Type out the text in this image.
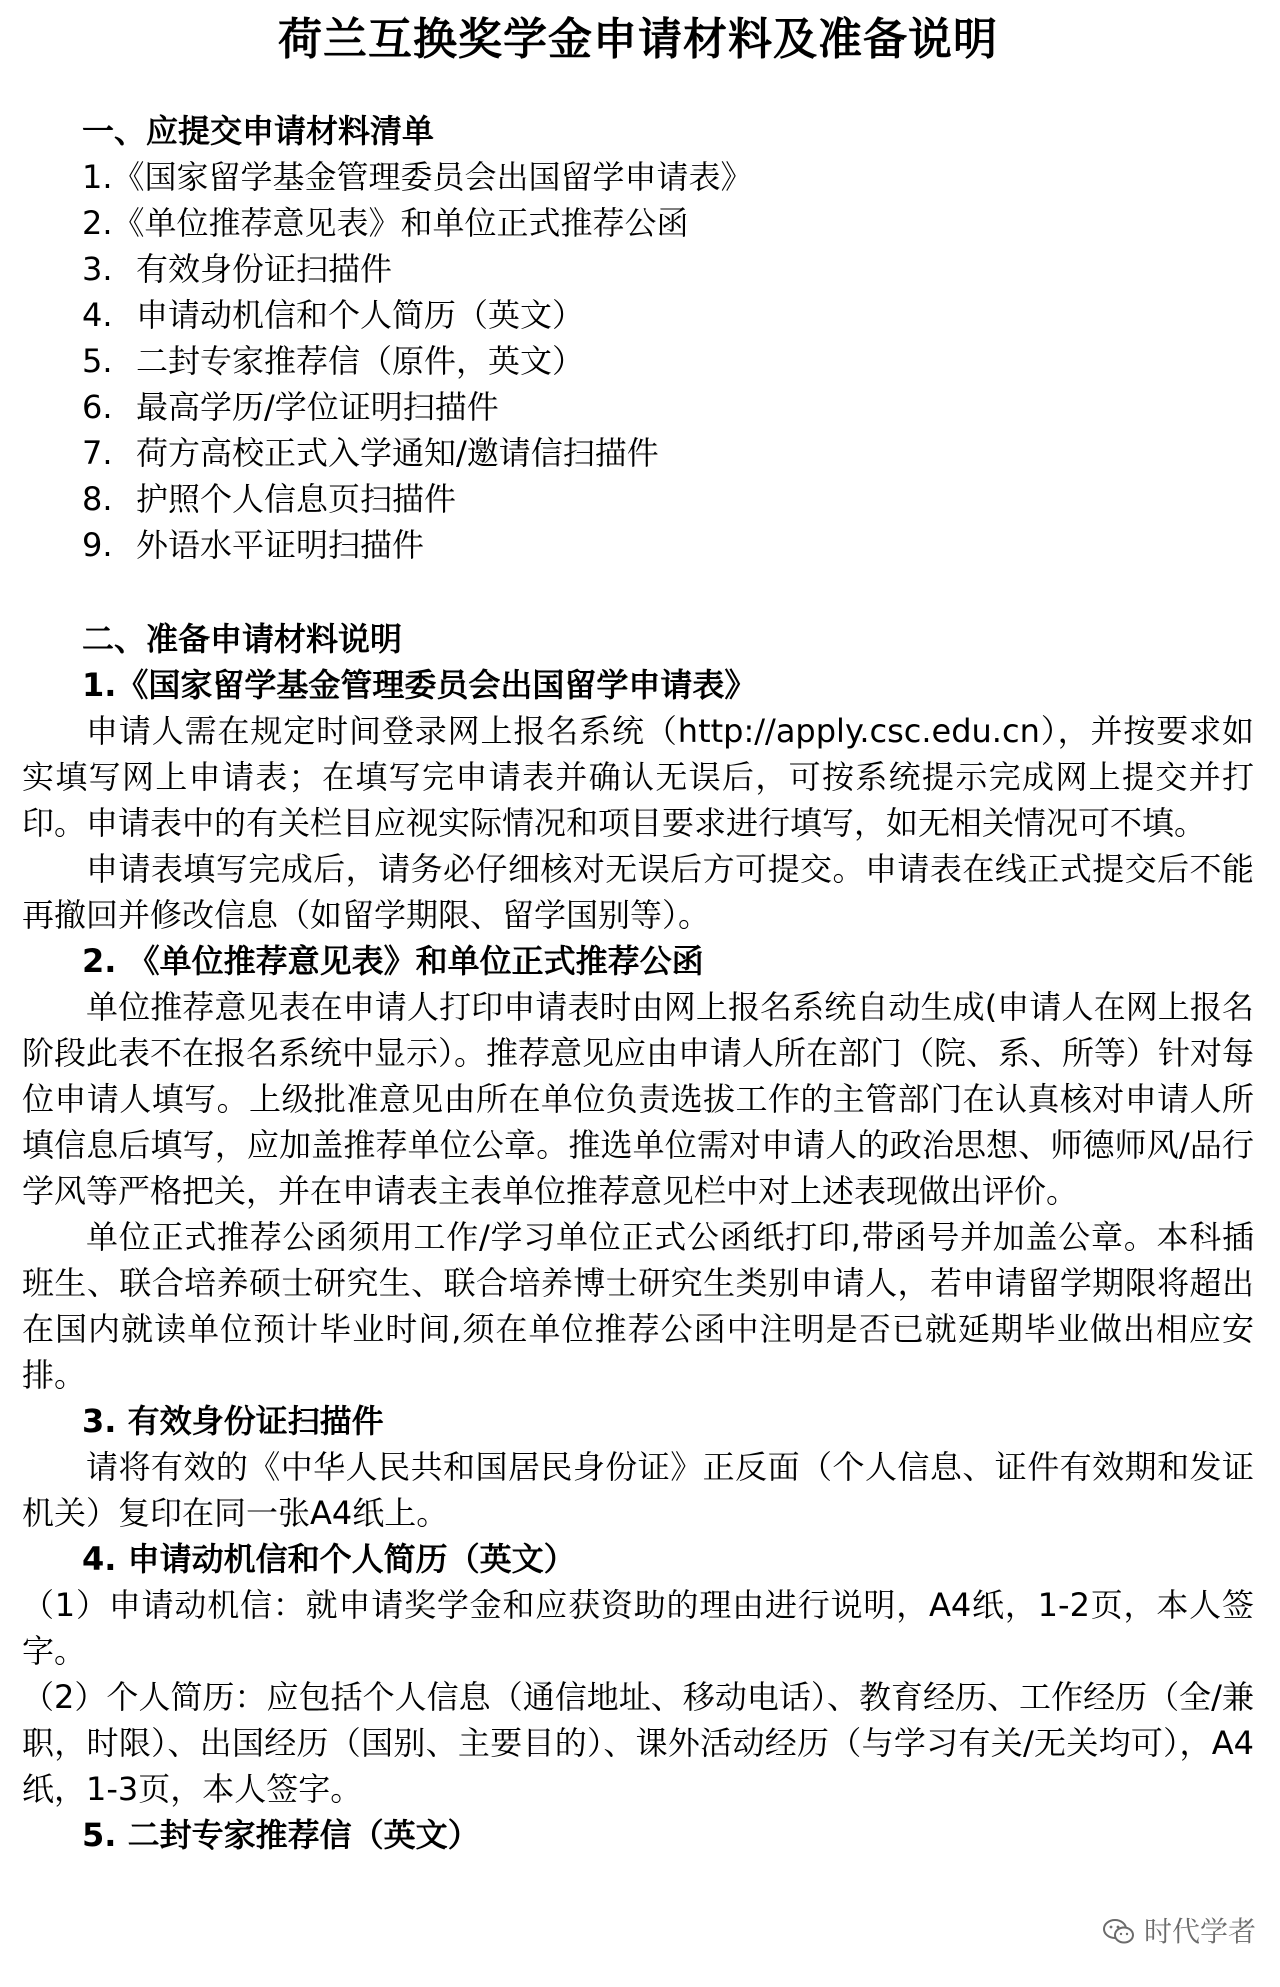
荷兰互换奖学金申请材料及准备说明
一、应提交申请材料清单
1.《国家留学基金管理委员会出国留学申请表》
2.《单位推荐意见表》和单位正式推荐公函
3. 有效身份证扫描件
4. 申请动机信和个人简历（英文）
5. 二封专家推荐信（原件，英文）
6. 最高学历/学位证明扫描件
7. 荷方高校正式入学通知/邀请信扫描件
8. 护照个人信息页扫描件
9. 外语水平证明扫描件
二、准备申请材料说明
1.《国家留学基金管理委员会出国留学申请表》

申请人需在规定时间登录网上报名系统（http://apply.csc.edu.cn），并按要求如实填写网上申请表；在填写完申请表并确认无误后，可按系统提示完成网上提交并打印。申请表中的有关栏目应视实际情况和项目要求进行填写，如无相关情况可不填。

申请表填写完成后，请务必仔细核对无误后方可提交。申请表在线正式提交后不能再撤回并修改信息（如留学期限、留学国别等）。

2. 《单位推荐意见表》和单位正式推荐公函

单位推荐意见表在申请人打印申请表时由网上报名系统自动生成(申请人在网上报名阶段此表不在报名系统中显示）。推荐意见应由申请人所在部门（院、系、所等）针对每位申请人填写。上级批准意见由所在单位负责选拔工作的主管部门在认真核对申请人所填信息后填写，应加盖推荐单位公章。推选单位需对申请人的政治思想、师德师风/品行学风等严格把关，并在申请表主表单位推荐意见栏中对上述表现做出评价。

单位正式推荐公函须用工作/学习单位正式公函纸打印,带函号并加盖公章。本科插班生、联合培养硕士研究生、联合培养博士研究生类别申请人，若申请留学期限将超出在国内就读单位预计毕业时间,须在单位推荐公函中注明是否已就延期毕业做出相应安排。

3. 有效身份证扫描件

请将有效的《中华人民共和国居民身份证》正反面（个人信息、证件有效期和发证机关）复印在同一张A4纸上。

4. 申请动机信和个人简历（英文）

（1）申请动机信：就申请奖学金和应获资助的理由进行说明，A4纸，1-2页，本人签字。

（2）个人简历：应包括个人信息（通信地址、移动电话）、教育经历、工作经历（全/兼职，时限）、出国经历（国别、主要目的）、课外活动经历（与学习有关/无关均可），A4纸，1-3页，本人签字。

5. 二封专家推荐信（英文）
时代学者
